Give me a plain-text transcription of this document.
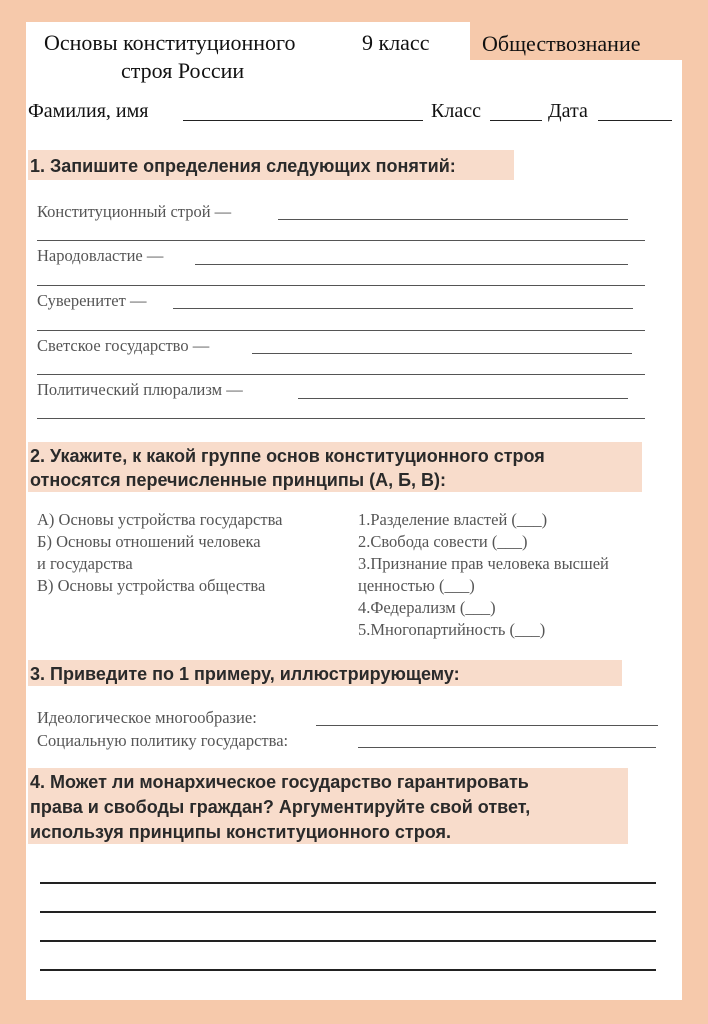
Обществознание
Основы конституционного	9 класс
строя России
Фамилия, имя	Класс	Дата
1. Запишите определения следующих понятий:
Конституционный строй —
Народовластие —
Суверенитет —
Светское государство —
Политический плюрализм —
2. Укажите, к какой группе основ конституционного строя
относятся перечисленные принципы (А, Б, В):
А) Основы устройства государства
Б) Основы отношений человека
и государства
В) Основы устройства общества
1.Разделение властей (___)
2.Свобода совести (___)
3.Признание прав человека высшей
ценностью (___)
4.Федерализм (___)
5.Многопартийность (___)
3. Приведите по 1 примеру, иллюстрирующему:
Идеологическое многообразие:
Социальную политику государства:
4. Может ли монархическое государство гарантировать
права и свободы граждан? Аргументируйте свой ответ,
используя принципы конституционного строя.
